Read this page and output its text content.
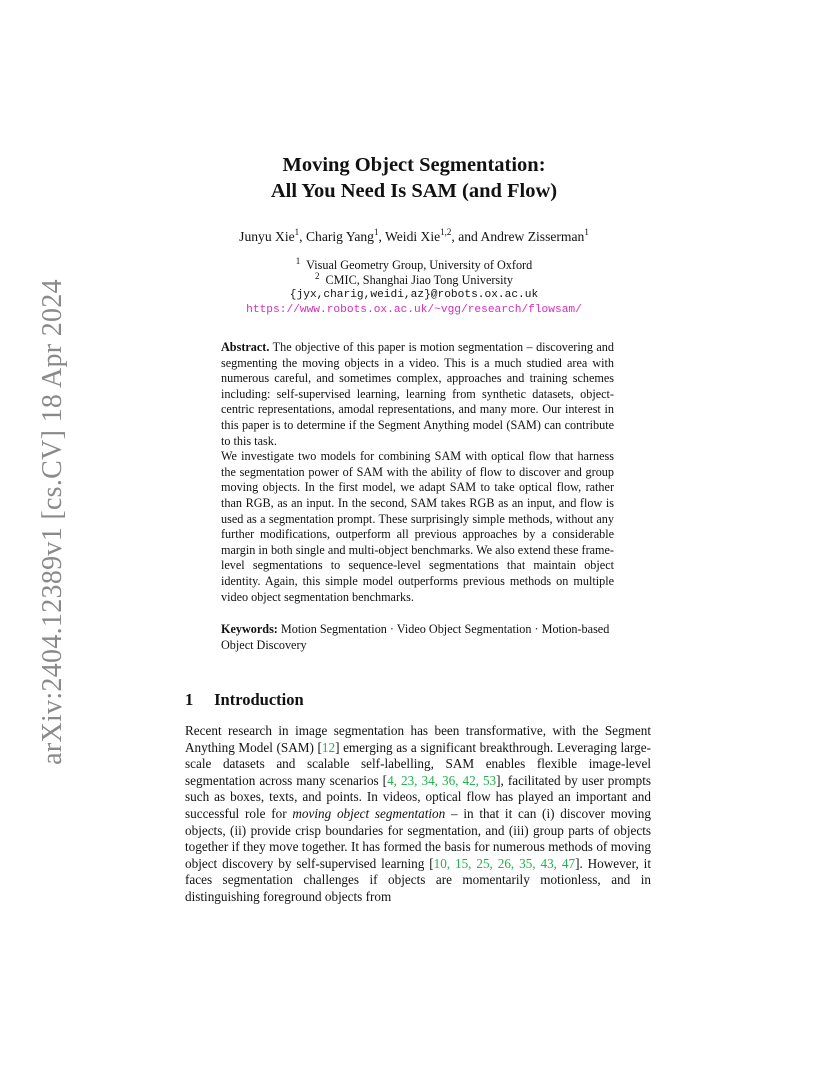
arXiv:2404.12389v1 [cs.CV] 18 Apr 2024
Moving Object Segmentation:
All You Need Is SAM (and Flow)
Junyu Xie$^1$, Charig Yang$^1$, Weidi Xie$^{1,2}$, and Andrew Zisserman$^1$
$^1$ Visual Geometry Group, University of Oxford
$^2$ CMIC, Shanghai Jiao Tong University
{jyx,charig,weidi,az}@robots.ox.ac.uk
https://www.robots.ox.ac.uk/~vgg/research/flowsam/

Abstract. The objective of this paper is motion segmentation – discovering and segmenting the moving objects in a video. This is a much studied area with numerous careful, and sometimes complex, approaches and training schemes including: self-supervised learning, learning from synthetic datasets, object-centric representations, amodal representations, and many more. Our interest in this paper is to determine if the Segment Anything model (SAM) can contribute to this task.

We investigate two models for combining SAM with optical flow that harness the segmentation power of SAM with the ability of flow to discover and group moving objects. In the first model, we adapt SAM to take optical flow, rather than RGB, as an input. In the second, SAM takes RGB as an input, and flow is used as a segmentation prompt. These surprisingly simple methods, without any further modifications, outperform all previous approaches by a considerable margin in both single and multi-object benchmarks. We also extend these frame-level segmentations to sequence-level segmentations that maintain object identity. Again, this simple model outperforms previous methods on multiple video object segmentation benchmarks.

Keywords: Motion Segmentation · Video Object Segmentation · Motion-based Object Discovery
1 Introduction
Recent research in image segmentation has been transformative, with the Segment Anything Model (SAM) [12] emerging as a significant breakthrough. Leveraging large-scale datasets and scalable self-labelling, SAM enables flexible image-level segmentation across many scenarios [4, 23, 34, 36, 42, 53], facilitated by user prompts such as boxes, texts, and points. In videos, optical flow has played an important and successful role for moving object segmentation – in that it can (i) discover moving objects, (ii) provide crisp boundaries for segmentation, and (iii) group parts of objects together if they move together. It has formed the basis for numerous methods of moving object discovery by self-supervised learning [10, 15, 25, 26, 35, 43, 47]. However, it faces segmentation challenges if objects are momentarily motionless, and in distinguishing foreground objects from
